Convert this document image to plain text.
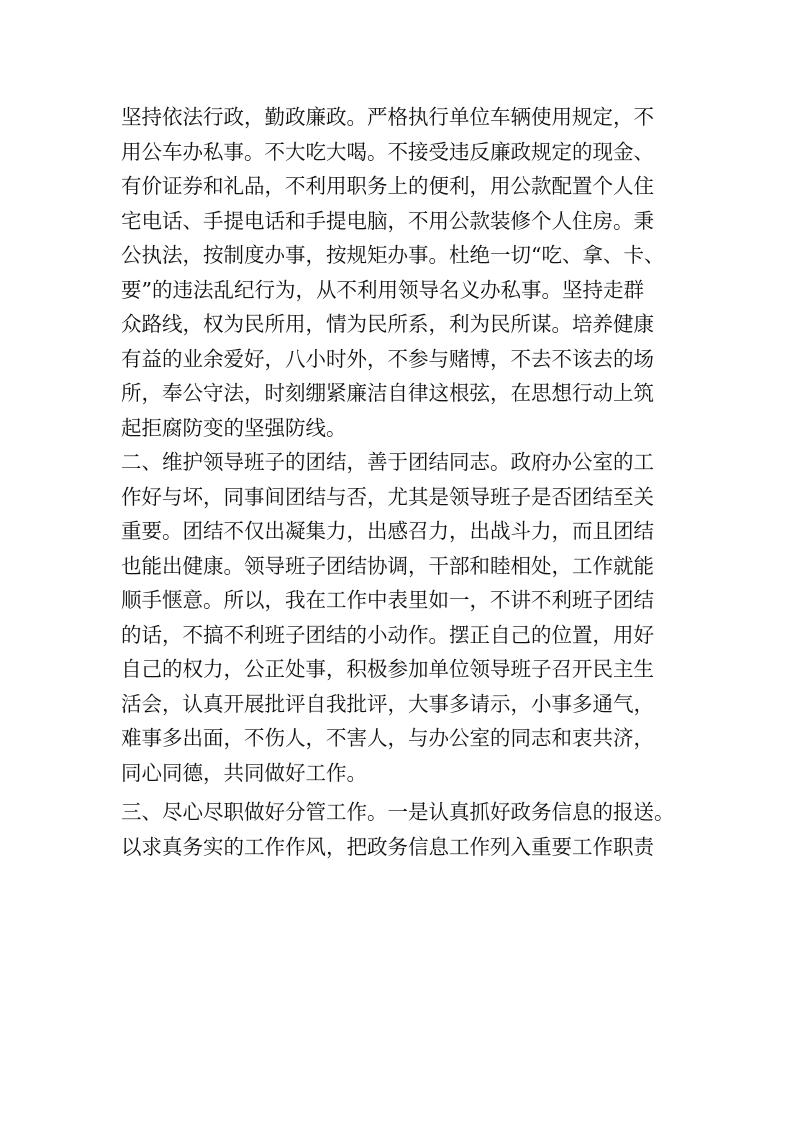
坚持依法行政，勤政廉政。严格执行单位车辆使用规定，不
用公车办私事。不大吃大喝。不接受违反廉政规定的现金、
有价证券和礼品，不利用职务上的便利，用公款配置个人住
宅电话、手提电话和手提电脑，不用公款装修个人住房。秉
公执法，按制度办事，按规矩办事。杜绝一切“吃、拿、卡、
要”的违法乱纪行为，从不利用领导名义办私事。坚持走群
众路线，权为民所用，情为民所系，利为民所谋。培养健康
有益的业余爱好，八小时外，不参与赌博，不去不该去的场
所，奉公守法，时刻绷紧廉洁自律这根弦，在思想行动上筑
起拒腐防变的坚强防线。
二、维护领导班子的团结，善于团结同志。政府办公室的工
作好与坏，同事间团结与否，尤其是领导班子是否团结至关
重要。团结不仅出凝集力，出感召力，出战斗力，而且团结
也能出健康。领导班子团结协调，干部和睦相处，工作就能
顺手惬意。所以，我在工作中表里如一，不讲不利班子团结
的话，不搞不利班子团结的小动作。摆正自己的位置，用好
自己的权力，公正处事，积极参加单位领导班子召开民主生
活会，认真开展批评自我批评，大事多请示，小事多通气，
难事多出面，不伤人，不害人，与办公室的同志和衷共济，
同心同德，共同做好工作。
三、尽心尽职做好分管工作。一是认真抓好政务信息的报送。
以求真务实的工作作风，把政务信息工作列入重要工作职责
